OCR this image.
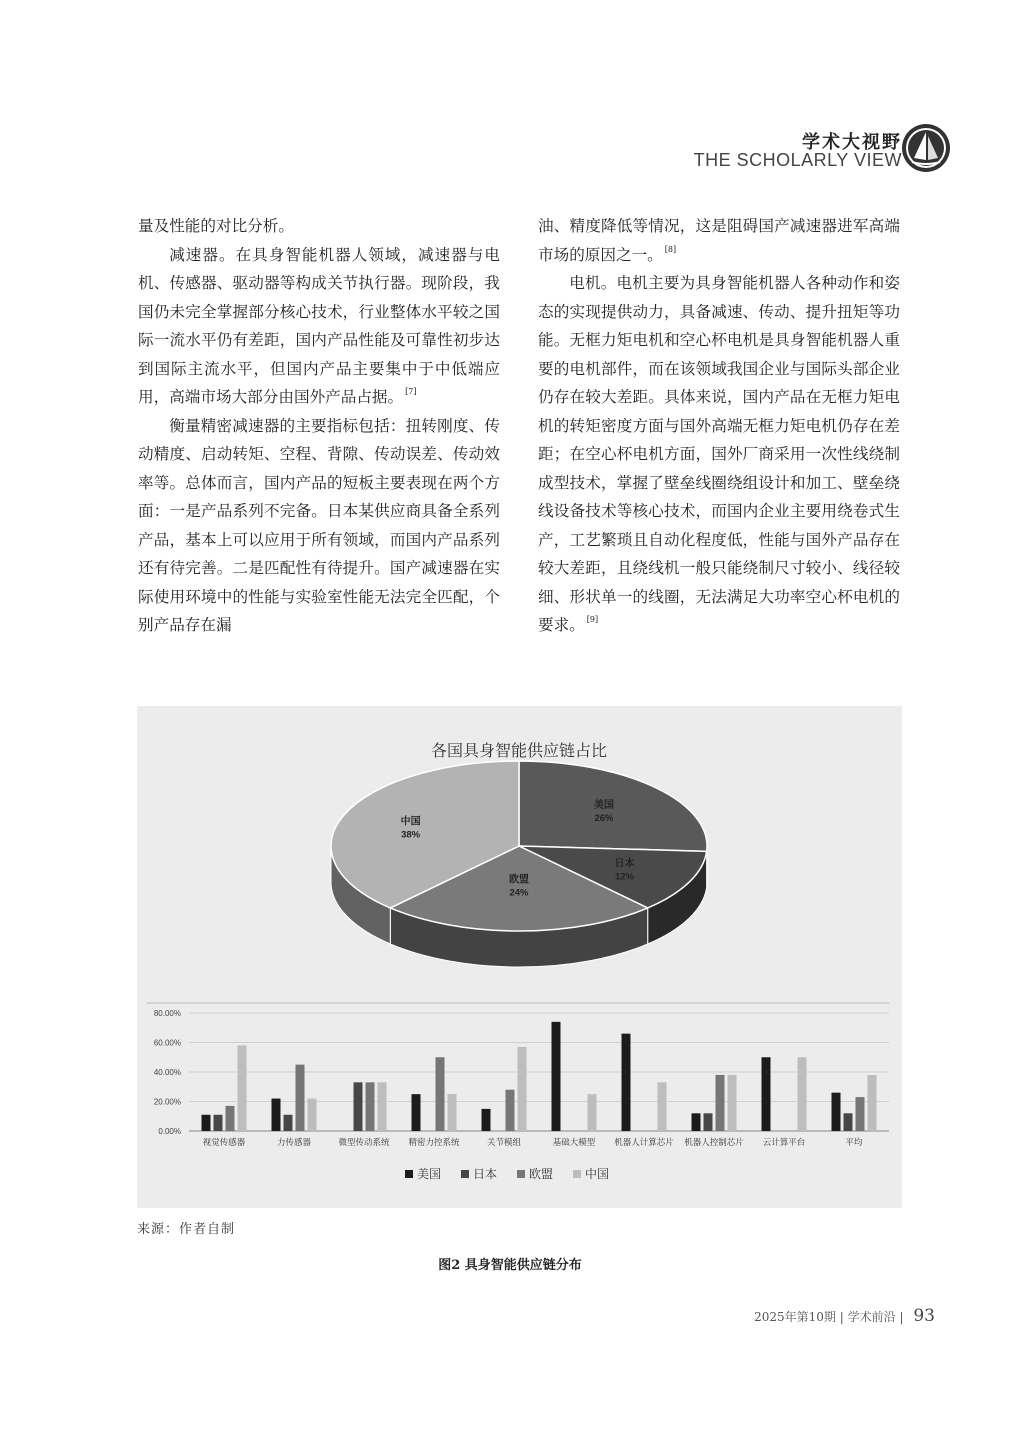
学术大视野
THE SCHOLARLY VIEW

量及性能的对比分析。

减速器。在具身智能机器人领域，减速器与电机、传感器、驱动器等构成关节执行器。现阶段，我国仍未完全掌握部分核心技术，行业整体水平较之国际一流水平仍有差距，国内产品性能及可靠性初步达到国际主流水平，但国内产品主要集中于中低端应用，高端市场大部分由国外产品占据。 [7]

衡量精密减速器的主要指标包括：扭转刚度、传动精度、启动转矩、空程、背隙、传动误差、传动效率等。总体而言，国内产品的短板主要表现在两个方面：一是产品系列不完备。日本某供应商具备全系列产品，基本上可以应用于所有领域，而国内产品系列还有待完善。二是匹配性有待提升。国产减速器在实际使用环境中的性能与实验室性能无法完全匹配，个别产品存在漏

油、精度降低等情况，这是阻碍国产减速器进军高端市场的原因之一。 [8]

电机。电机主要为具身智能机器人各种动作和姿态的实现提供动力，具备减速、传动、提升扭矩等功能。无框力矩电机和空心杯电机是具身智能机器人重要的电机部件，而在该领域我国企业与国际头部企业仍存在较大差距。具体来说，国内产品在无框力矩电机的转矩密度方面与国外高端无框力矩电机仍存在差距；在空心杯电机方面，国外厂商采用一次性线绕制成型技术，掌握了壁垒线圈绕组设计和加工、壁垒绕线设备技术等核心技术，而国内企业主要用绕卷式生产，工艺繁琐且自动化程度低，性能与国外产品存在较大差距，且绕线机一般只能绕制尺寸较小、线径较细、形状单一的线圈，无法满足大功率空心杯电机的要求。 [9]

各国具身智能供应链占比
美国
26%
日本
12%
欧盟
24%
中国
38%
0.00%
20.00%
40.00%
60.00%
80.00%
视觉传感器	力传感器	微型传动系统 精密力控系统	关节模组	基础大模型 机器人计算芯片 机器人控制芯片 云计算平台	平均
美国	日本	欧盟	中国
来源：作者自制
图2 具身智能供应链分布
2025年第10期 | 学术前沿 | 93
